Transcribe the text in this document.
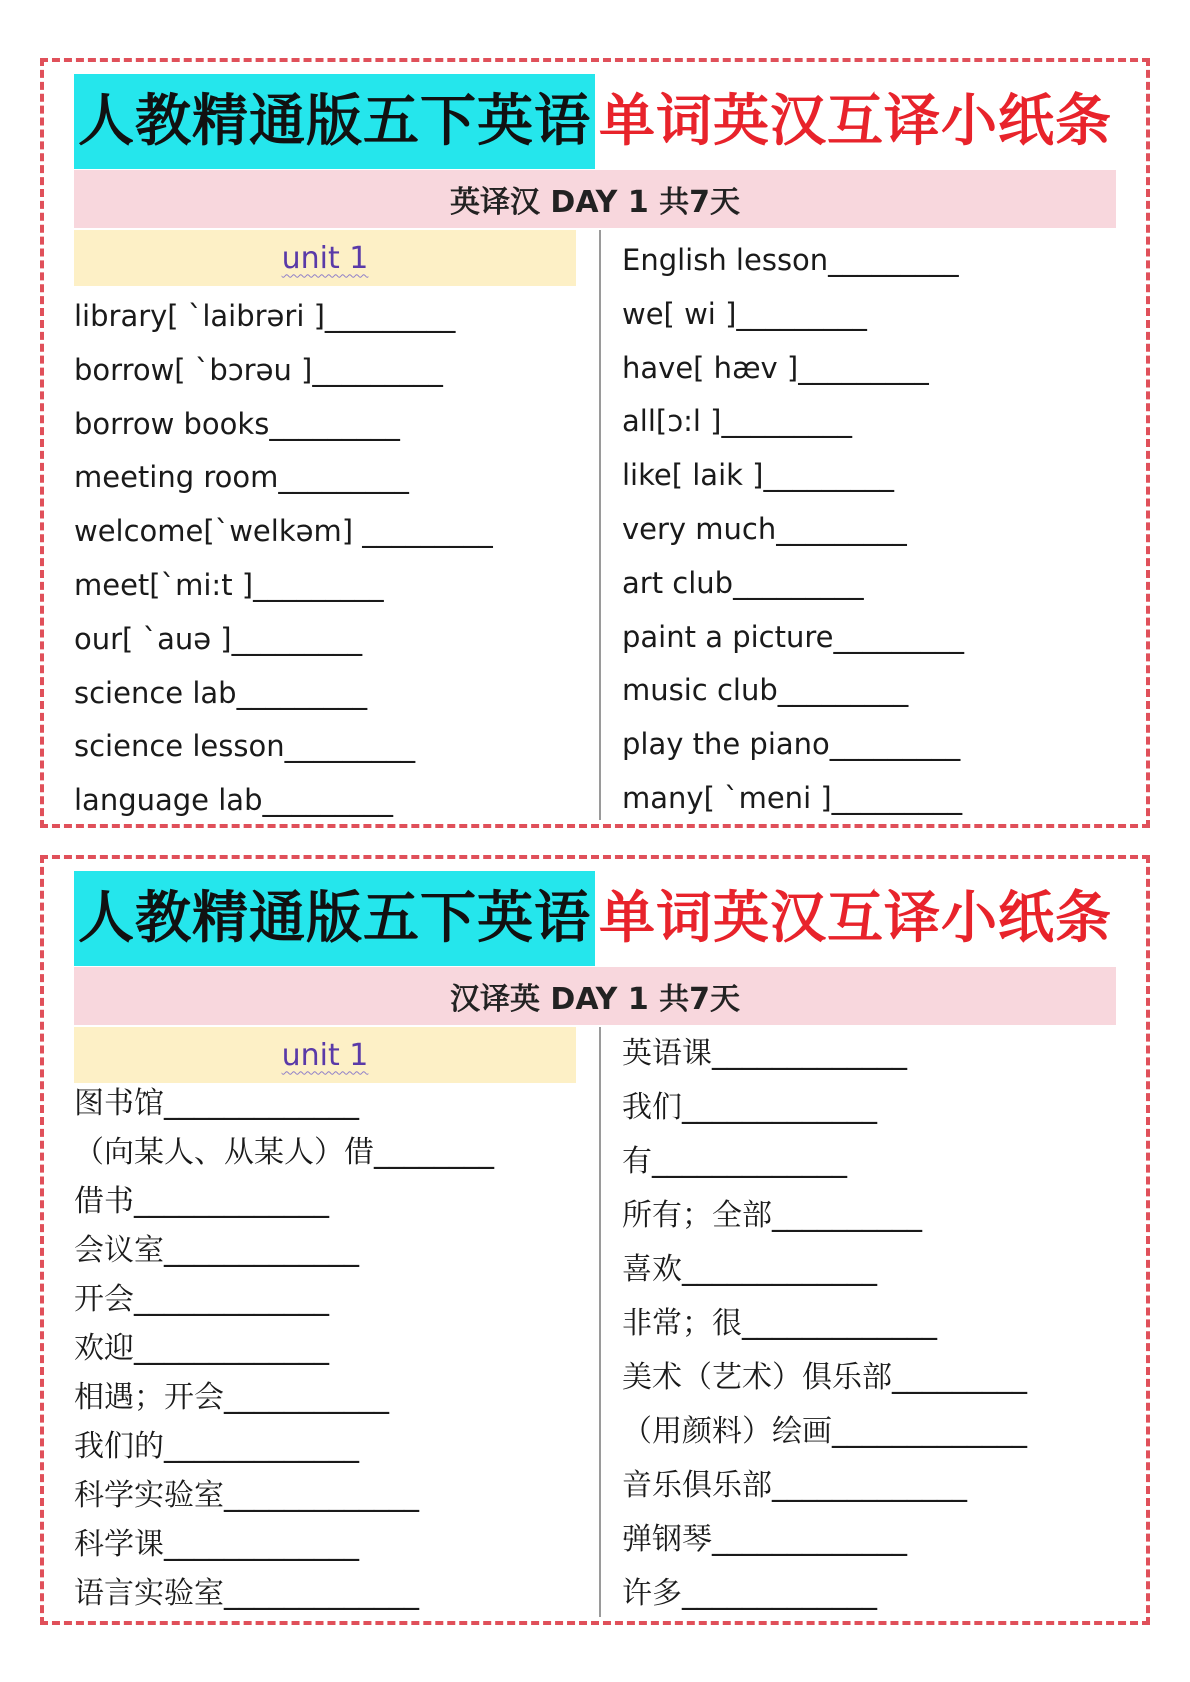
人教精通版五下英语 单词英汉互译小纸条
英译汉 DAY 1 共7天
unit 1
library[ `laibrəri ]_________
borrow[ `bɔrəu ]_________
borrow books_________
meeting room_________
welcome[`welkəm] _________
meet[`mi:t ]_________
our[ `auə ]_________
science lab_________
science lesson_________
language lab_________
English lesson_________
we[ wi ]_________
have[ hæv ]_________
all[ɔ:l ]_________
like[ laik ]_________
very much_________
art club_________
paint a picture_________
music club_________
play the piano_________
many[ `meni ]_________
人教精通版五下英语 单词英汉互译小纸条
汉译英 DAY 1 共7天
unit 1
图书馆_____________
（向某人、从某人）借________
借书_____________
会议室_____________
开会_____________
欢迎_____________
相遇；开会___________
我们的_____________
科学实验室_____________
科学课_____________
语言实验室_____________
英语课_____________
我们_____________
有_____________
所有；全部__________
喜欢_____________
非常；很_____________
美术（艺术）俱乐部_________
（用颜料）绘画_____________
音乐俱乐部_____________
弹钢琴_____________
许多_____________
